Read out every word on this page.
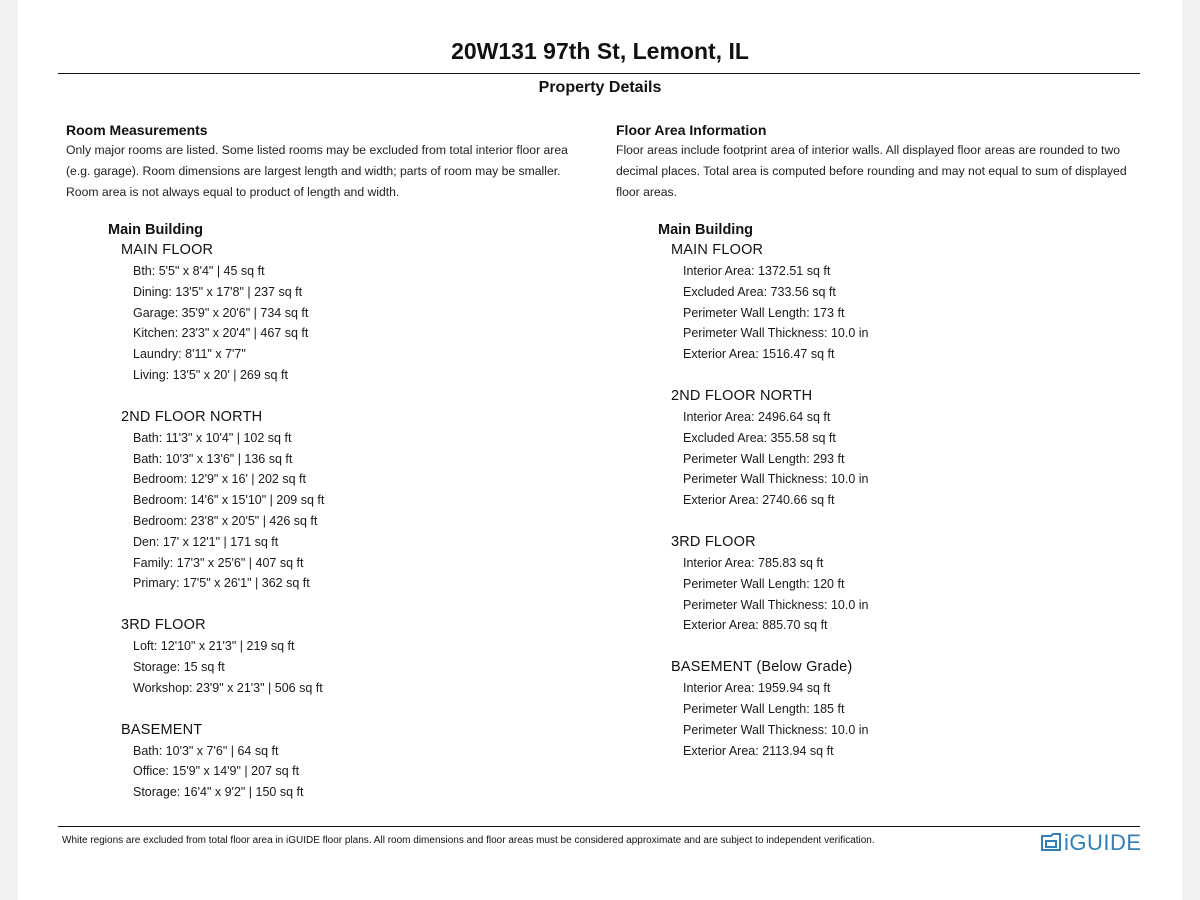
20W131 97th St, Lemont, IL
Property Details

Room Measurements

Only major rooms are listed. Some listed rooms may be excluded from total interior floor area

(e.g. garage). Room dimensions are largest length and width; parts of room may be smaller.

Room area is not always equal to product of length and width.

Main Building
MAIN FLOOR
Bth: 5'5" x 8'4" | 45 sq ft
Dining: 13'5" x 17'8" | 237 sq ft
Garage: 35'9" x 20'6" | 734 sq ft
Kitchen: 23'3" x 20'4" | 467 sq ft
Laundry: 8'11" x 7'7"
Living: 13'5" x 20' | 269 sq ft
2ND FLOOR NORTH
Bath: 11'3" x 10'4" | 102 sq ft
Bath: 10'3" x 13'6" | 136 sq ft
Bedroom: 12'9" x 16' | 202 sq ft
Bedroom: 14'6" x 15'10" | 209 sq ft
Bedroom: 23'8" x 20'5" | 426 sq ft
Den: 17' x 12'1" | 171 sq ft
Family: 17'3" x 25'6" | 407 sq ft
Primary: 17'5" x 26'1" | 362 sq ft
3RD FLOOR
Loft: 12'10" x 21'3" | 219 sq ft
Storage: 15 sq ft
Workshop: 23'9" x 21'3" | 506 sq ft
BASEMENT
Bath: 10'3" x 7'6" | 64 sq ft
Office: 15'9" x 14'9" | 207 sq ft
Storage: 16'4" x 9'2" | 150 sq ft

Floor Area Information

Floor areas include footprint area of interior walls. All displayed floor areas are rounded to two

decimal places. Total area is computed before rounding and may not equal to sum of displayed

floor areas.

Main Building
MAIN FLOOR
Interior Area: 1372.51 sq ft
Excluded Area: 733.56 sq ft
Perimeter Wall Length: 173 ft
Perimeter Wall Thickness: 10.0 in
Exterior Area: 1516.47 sq ft
2ND FLOOR NORTH
Interior Area: 2496.64 sq ft
Excluded Area: 355.58 sq ft
Perimeter Wall Length: 293 ft
Perimeter Wall Thickness: 10.0 in
Exterior Area: 2740.66 sq ft
3RD FLOOR
Interior Area: 785.83 sq ft
Perimeter Wall Length: 120 ft
Perimeter Wall Thickness: 10.0 in
Exterior Area: 885.70 sq ft
BASEMENT (Below Grade)
Interior Area: 1959.94 sq ft
Perimeter Wall Length: 185 ft
Perimeter Wall Thickness: 10.0 in
Exterior Area: 2113.94 sq ft
White regions are excluded from total floor area in iGUIDE floor plans. All room dimensions and floor areas must be considered approximate and are subject to independent verification.	iGUIDE
